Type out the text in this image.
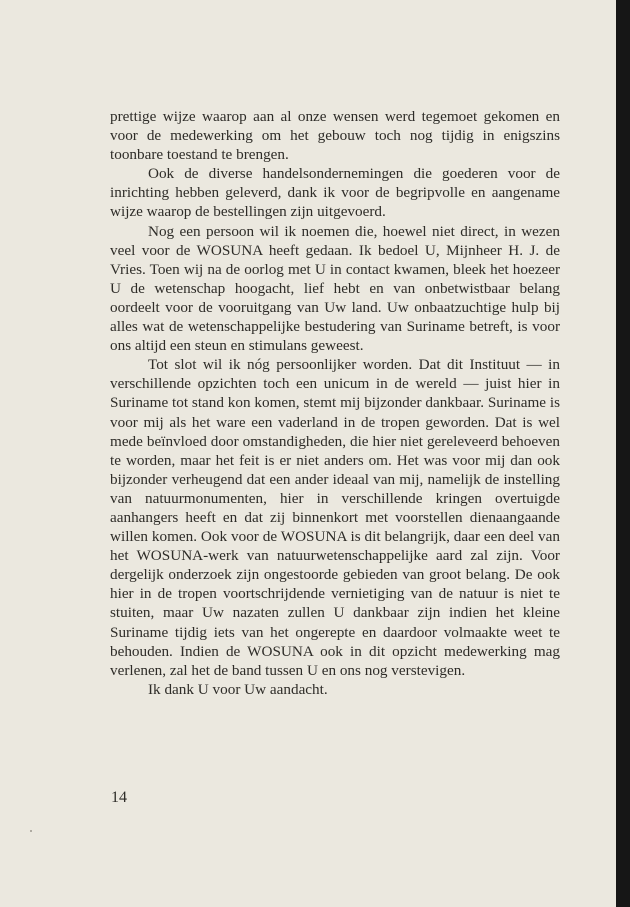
prettige wijze waarop aan al onze wensen werd tegemoet gekomen en voor de medewerking om het gebouw toch nog tijdig in enigszins toonbare toestand te brengen.

Ook de diverse handelsondernemingen die goederen voor de inrichting hebben geleverd, dank ik voor de begripvolle en aangename wijze waarop de bestellingen zijn uitgevoerd.

Nog een persoon wil ik noemen die, hoewel niet direct, in wezen veel voor de WOSUNA heeft gedaan. Ik bedoel U, Mijnheer H. J. de Vries. Toen wij na de oorlog met U in contact kwamen, bleek het hoezeer U de wetenschap hoogacht, lief hebt en van onbetwistbaar belang oordeelt voor de vooruitgang van Uw land. Uw onbaatzuchtige hulp bij alles wat de wetenschappelijke bestudering van Suriname betreft, is voor ons altijd een steun en stimulans geweest.

Tot slot wil ik nóg persoonlijker worden. Dat dit Instituut — in verschillende opzichten toch een unicum in de wereld — juist hier in Suriname tot stand kon komen, stemt mij bijzonder dankbaar. Suriname is voor mij als het ware een vaderland in de tropen geworden. Dat is wel mede beïnvloed door omstandigheden, die hier niet gereleveerd behoeven te worden, maar het feit is er niet anders om. Het was voor mij dan ook bijzonder verheugend dat een ander ideaal van mij, namelijk de instelling van natuurmonumenten, hier in verschillende kringen overtuigde aanhangers heeft en dat zij binnenkort met voorstellen dienaangaande willen komen. Ook voor de WOSUNA is dit belangrijk, daar een deel van het WOSUNA-werk van natuurwetenschappelijke aard zal zijn. Voor dergelijk onderzoek zijn ongestoorde gebieden van groot belang. De ook hier in de tropen voortschrijdende vernietiging van de natuur is niet te stuiten, maar Uw nazaten zullen U dankbaar zijn indien het kleine Suriname tijdig iets van het ongerepte en daardoor volmaakte weet te behouden. Indien de WOSUNA ook in dit opzicht medewerking mag verlenen, zal het de band tussen U en ons nog verstevigen.

Ik dank U voor Uw aandacht.

14
